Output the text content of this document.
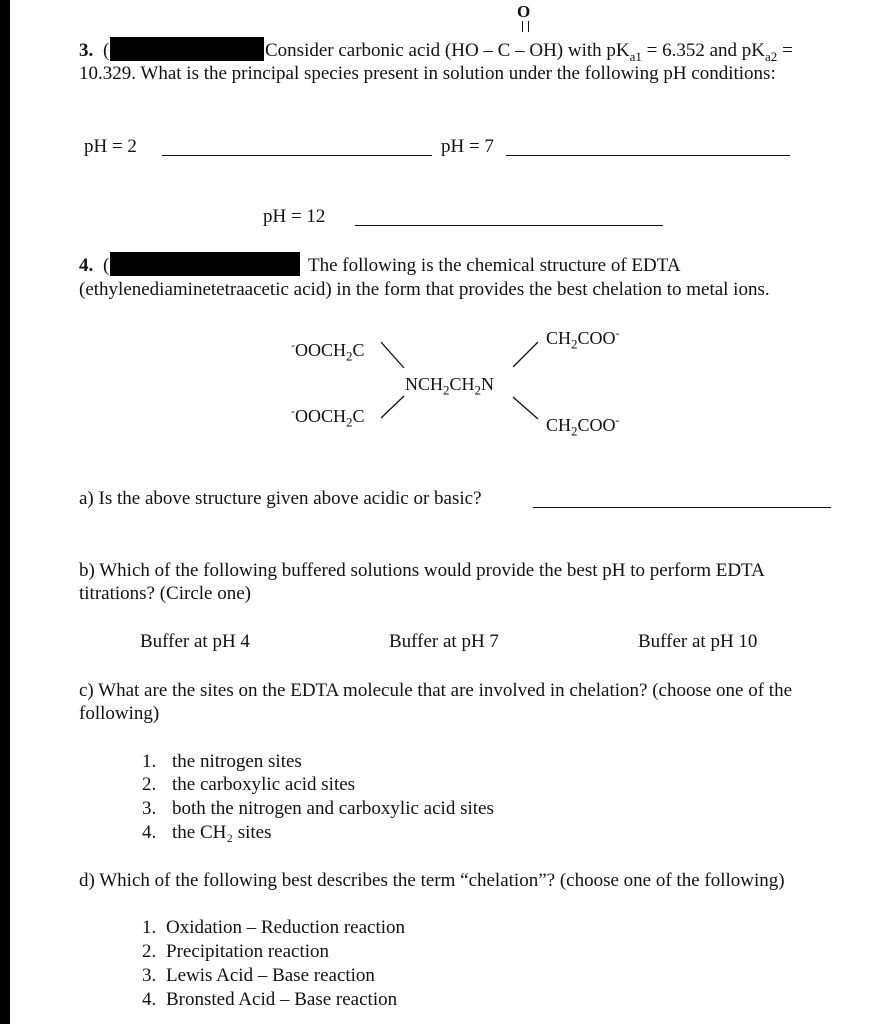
O
3. (	Consider carbonic acid (HO – C – OH) with $pK_{a1} = 6.352$ and $pK_{a2}$ =
10.329. What is the principal species present in solution under the following pH conditions:
pH = 2	pH = 7
pH = 12
4. (	The following is the chemical structure of EDTA
(ethylenediaminetetraacetic acid) in the form that provides the best chelation to metal ions.
$^-OOCH_2C$
$CH_2COO^-$
$NCH_2CH_2N$
$^-OOCH_2C$	$CH_2COO^-$
a) Is the above structure given above acidic or basic?
b) Which of the following buffered solutions would provide the best pH to perform EDTA
titrations? (Circle one)
Buffer at pH 4	Buffer at pH 7	Buffer at pH 10
c) What are the sites on the EDTA molecule that are involved in chelation? (choose one of the
following)
1. the nitrogen sites
2. the carboxylic acid sites
3. both the nitrogen and carboxylic acid sites
4. the CH₂ sites
d) Which of the following best describes the term “chelation”? (choose one of the following)
1. Oxidation – Reduction reaction
2. Precipitation reaction
3. Lewis Acid – Base reaction
4. Bronsted Acid – Base reaction
